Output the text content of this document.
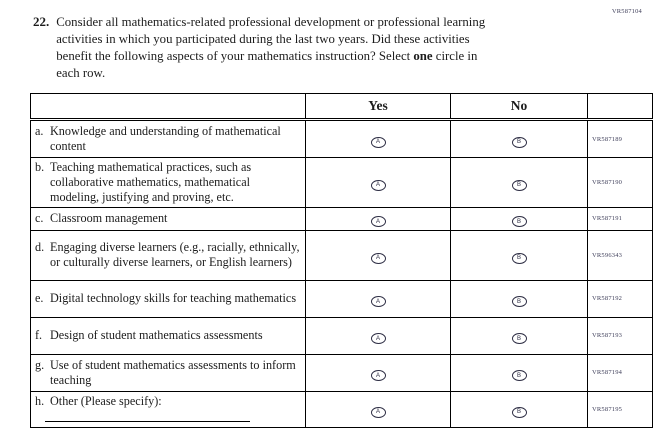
VR587104
22. Consider all mathematics-related professional development or professional learning activities in which you participated during the last two years. Did these activities benefit the following aspects of your mathematics instruction? Select one circle in each row.
	Yes	No	

a. Knowledge and understanding of mathematical content	A	B	VR587189

b. Teaching mathematical practices, such as collaborative mathematics, mathematical modeling, justifying and proving, etc.	A	B	VR587190

c. Classroom management	A	B	VR587191

d. Engaging diverse learners (e.g., racially, ethnically, or culturally diverse learners, or English learners)	A	B	VR596343

e. Digital technology skills for teaching mathematics	A	B	VR587192

f. Design of student mathematics assessments	A	B	VR587193

g. Use of student mathematics assessments to inform teaching	A	B	VR587194

h. Other (Please specify):	A	B	VR587195
